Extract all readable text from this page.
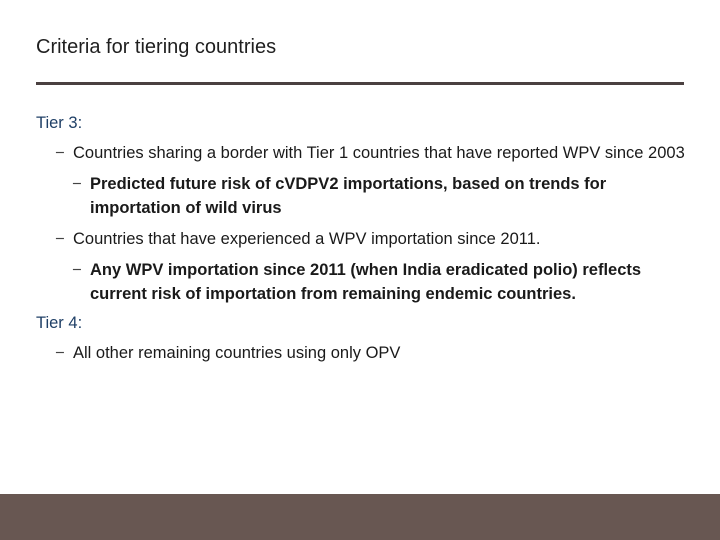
Criteria for tiering countries

Tier 3:

− Countries sharing a border with Tier 1 countries that have reported WPV since 2003
− Predicted future risk of cVDPV2 importations, based on trends for importation of wild virus
− Countries that have experienced a WPV importation since 2011.
− Any WPV importation since 2011 (when India eradicated polio) reflects current risk of importation from remaining endemic countries.

Tier 4:

− All other remaining countries using only OPV
